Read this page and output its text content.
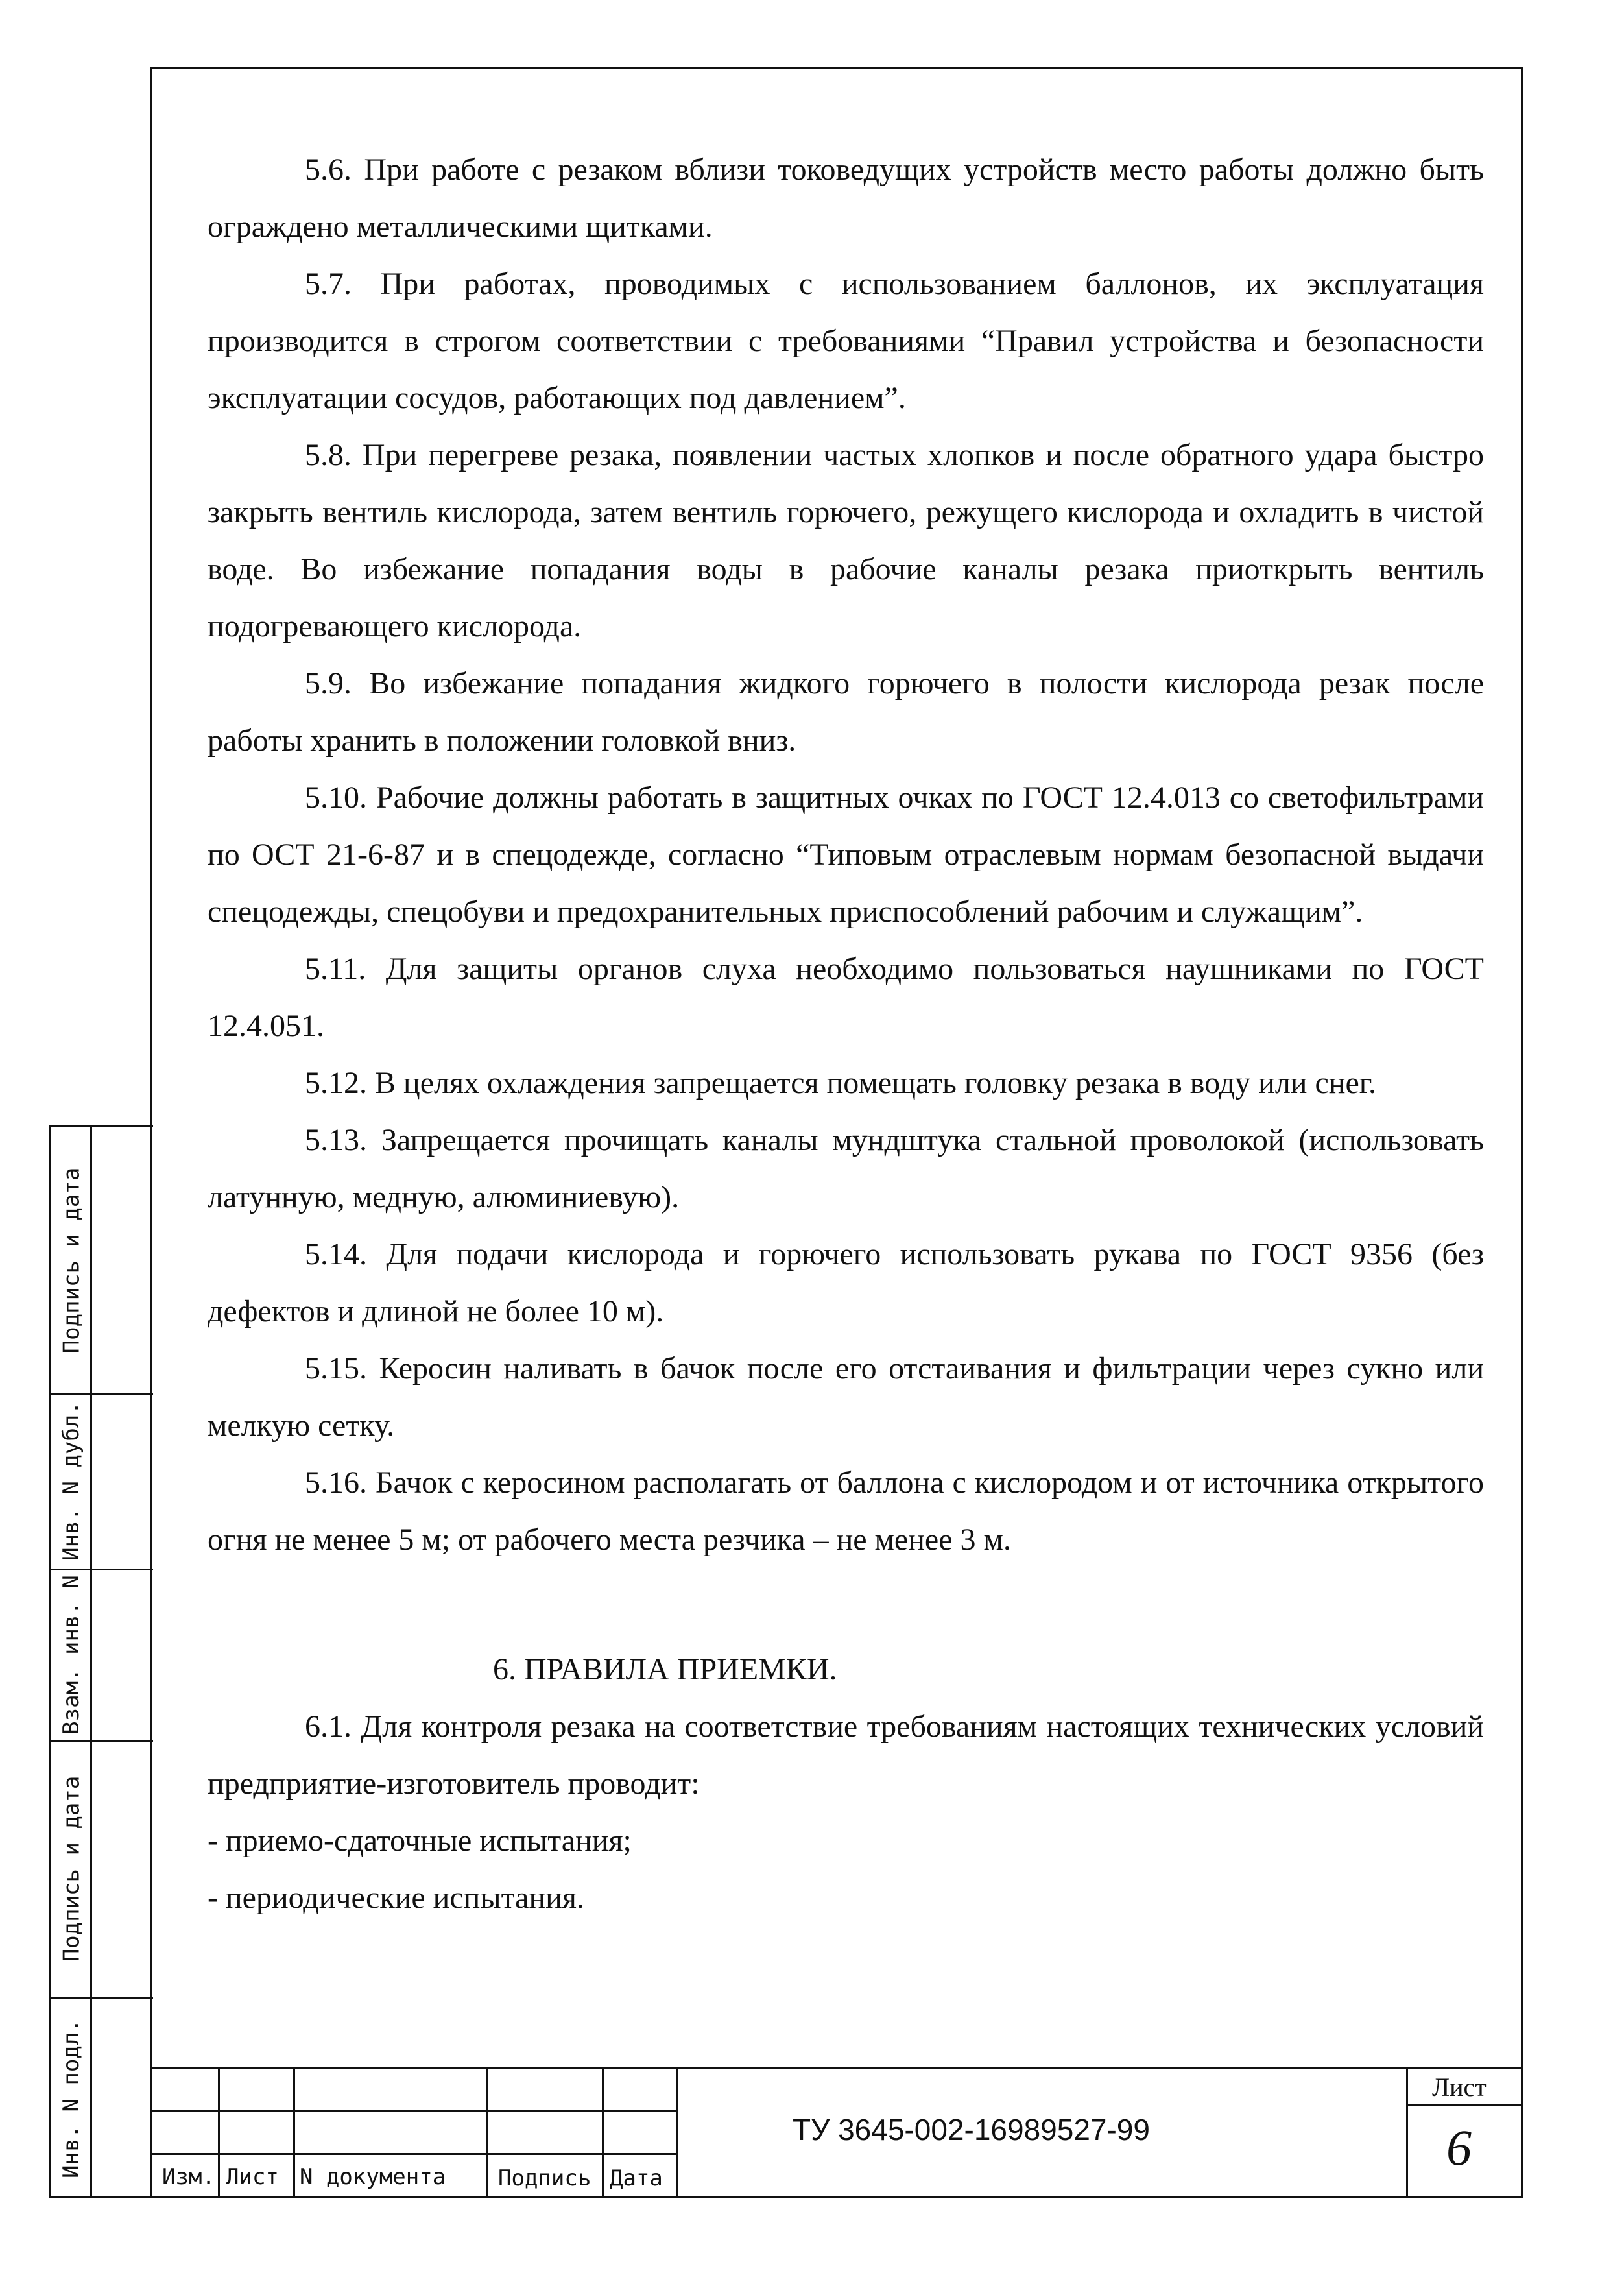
5.6. При работе с резаком вблизи токоведущих устройств место работы должно быть ограждено металлическими щитками.

5.7. При работах, проводимых с использованием баллонов, их эксплуатация производится в строгом соответствии с требованиями “Правил устройства и безопасности эксплуатации сосудов, работающих под давлением”.

5.8. При перегреве резака, появлении частых хлопков и после обратного удара быстро закрыть вентиль кислорода, затем вентиль горючего, режущего кислорода и охладить в чистой воде. Во избежание попадания воды в рабочие каналы резака приоткрыть вентиль подогревающего кислорода.

5.9. Во избежание попадания жидкого горючего в полости кислорода резак после работы хранить в положении головкой вниз.

5.10. Рабочие должны работать в защитных очках по ГОСТ 12.4.013 со светофильтрами по ОСТ 21-6-87 и в спецодежде, согласно “Типовым отраслевым нормам безопасной выдачи спецодежды, спецобуви и предохранительных приспособлений рабочим и служащим”.

5.11. Для защиты органов слуха необходимо пользоваться наушниками по ГОСТ 12.4.051.

5.12. В целях охлаждения запрещается помещать головку резака в воду или снег.

5.13. Запрещается прочищать каналы мундштука стальной проволокой (использовать латунную, медную, алюминиевую).

5.14. Для подачи кислорода и горючего использовать рукава по ГОСТ 9356 (без дефектов и длиной не более 10 м).

5.15. Керосин наливать в бачок после его отстаивания и фильтрации через сукно или мелкую сетку.

5.16. Бачок с керосином располагать от баллона с кислородом и от источника открытого огня не менее 5 м; от рабочего места резчика – не менее 3 м.

6. ПРАВИЛА ПРИЕМКИ.

6.1. Для контроля резака на соответствие требованиям настоящих технических условий предприятие-изготовитель проводит:

- приемо-сдаточные испытания;

- периодические испытания.

Подпись и дата
Инв. N дубл.
Взам. инв. N
Подпись и дата
Инв. N подл.	Изм. Лист N документа Подпись Дата
ТУ 3645-002-16989527-99
Лист
6
